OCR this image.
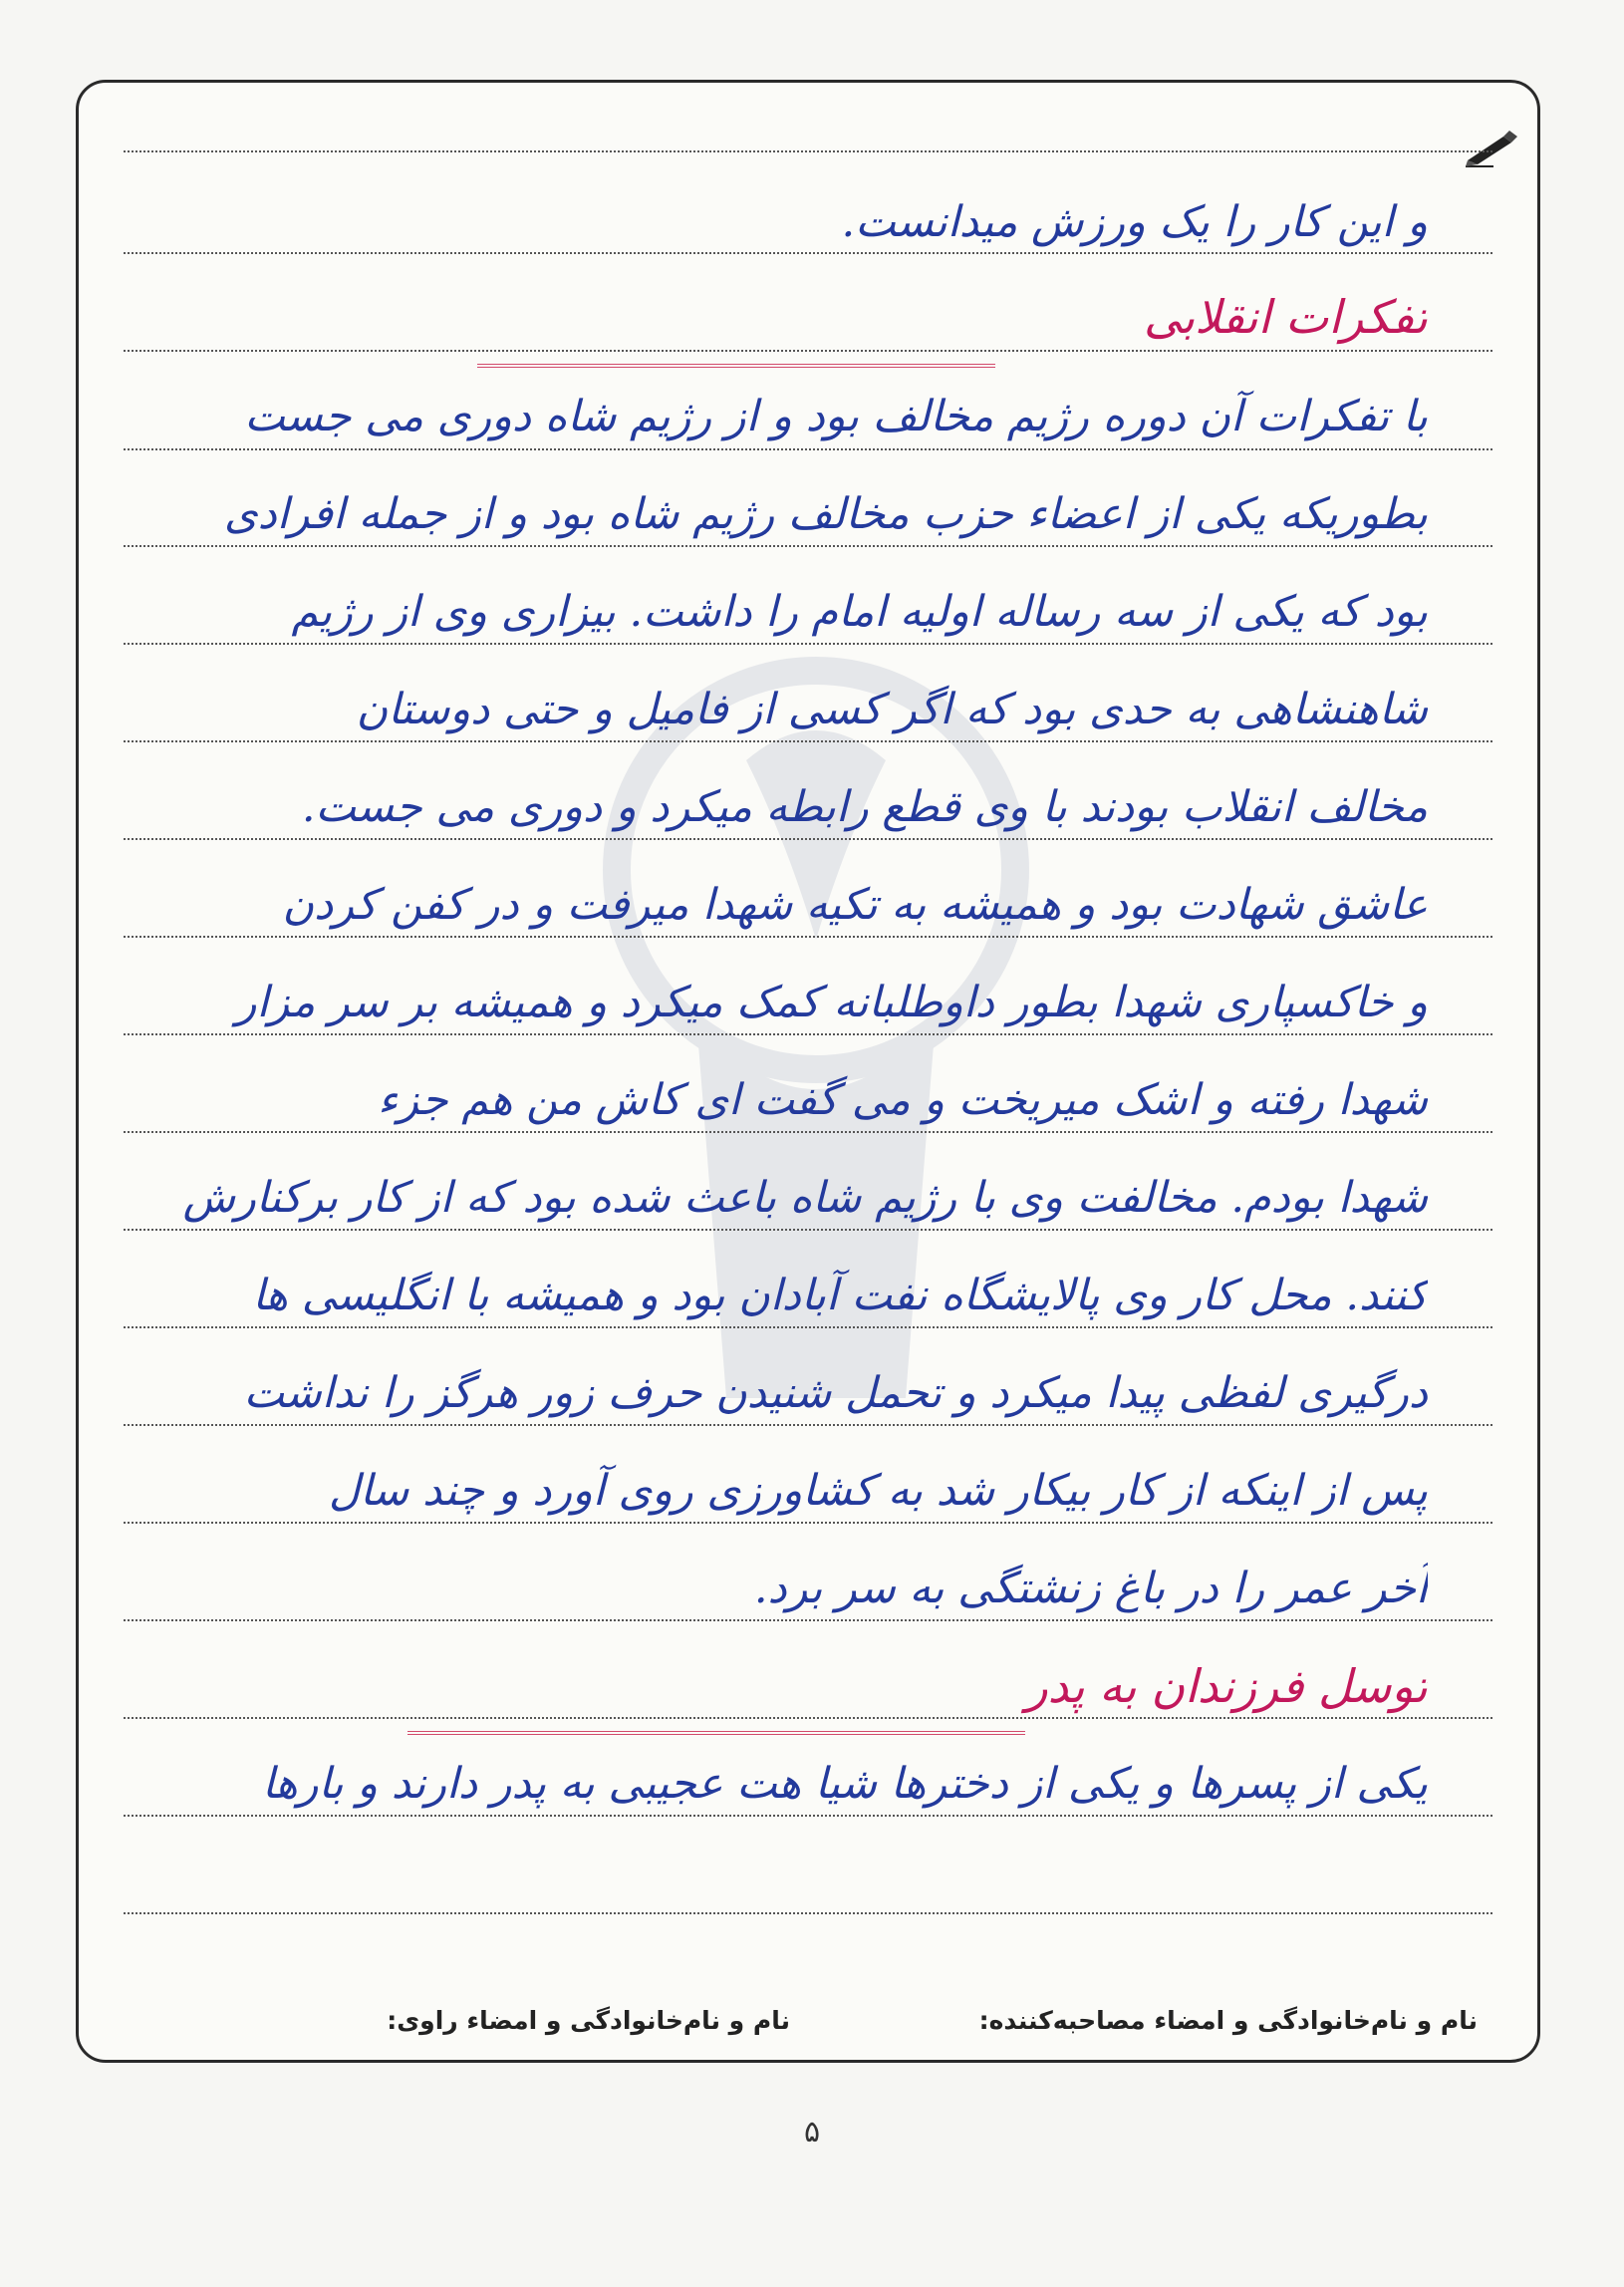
و این کار را یک ورزش میدانست.
تفکرات انقلابی
با تفکرات آن دوره رژیم مخالف بود و از رژیم شاه دوری می جست
بطوریکه یکی از اعضاء حزب مخالف رژیم شاه بود و از جمله افرادی
بود که یکی از سه رساله اولیه امام را داشت. بیزاری وی از رژیم
شاهنشاهی به حدی بود که اگر کسی از فامیل و حتی دوستان
مخالف انقلاب بودند با وی قطع رابطه میکرد و دوری می جست.
عاشق شهادت بود و همیشه به تکیه شهدا میرفت و در کفن کردن
و خاکسپاری شهدا بطور داوطلبانه کمک میکرد و همیشه بر سر مزار
شهدا رفته و اشک میریخت و می گفت ای کاش من هم جزء
شهدا بودم. مخالفت وی با رژیم شاه باعث شده بود که از کار برکنارش
کنند. محل کار وی پالایشگاه نفت آبادان بود و همیشه با انگلیسی ها
درگیری لفظی پیدا میکرد و تحمل شنیدن حرف زور هرگز را نداشت
پس از اینکه از کار بیکار شد به کشاورزی روی آورد و چند سال
آخر عمر را در باغ زنشتگی به سر برد.
توسل فرزندان به پدر
یکی از پسرها و یکی از دخترها شیا هت عجیبی به پدر دارند و بارها
نام و نام‌خانوادگی و امضاء مصاحبه‌کننده:
نام و نام‌خانوادگی و امضاء راوی:
۵
